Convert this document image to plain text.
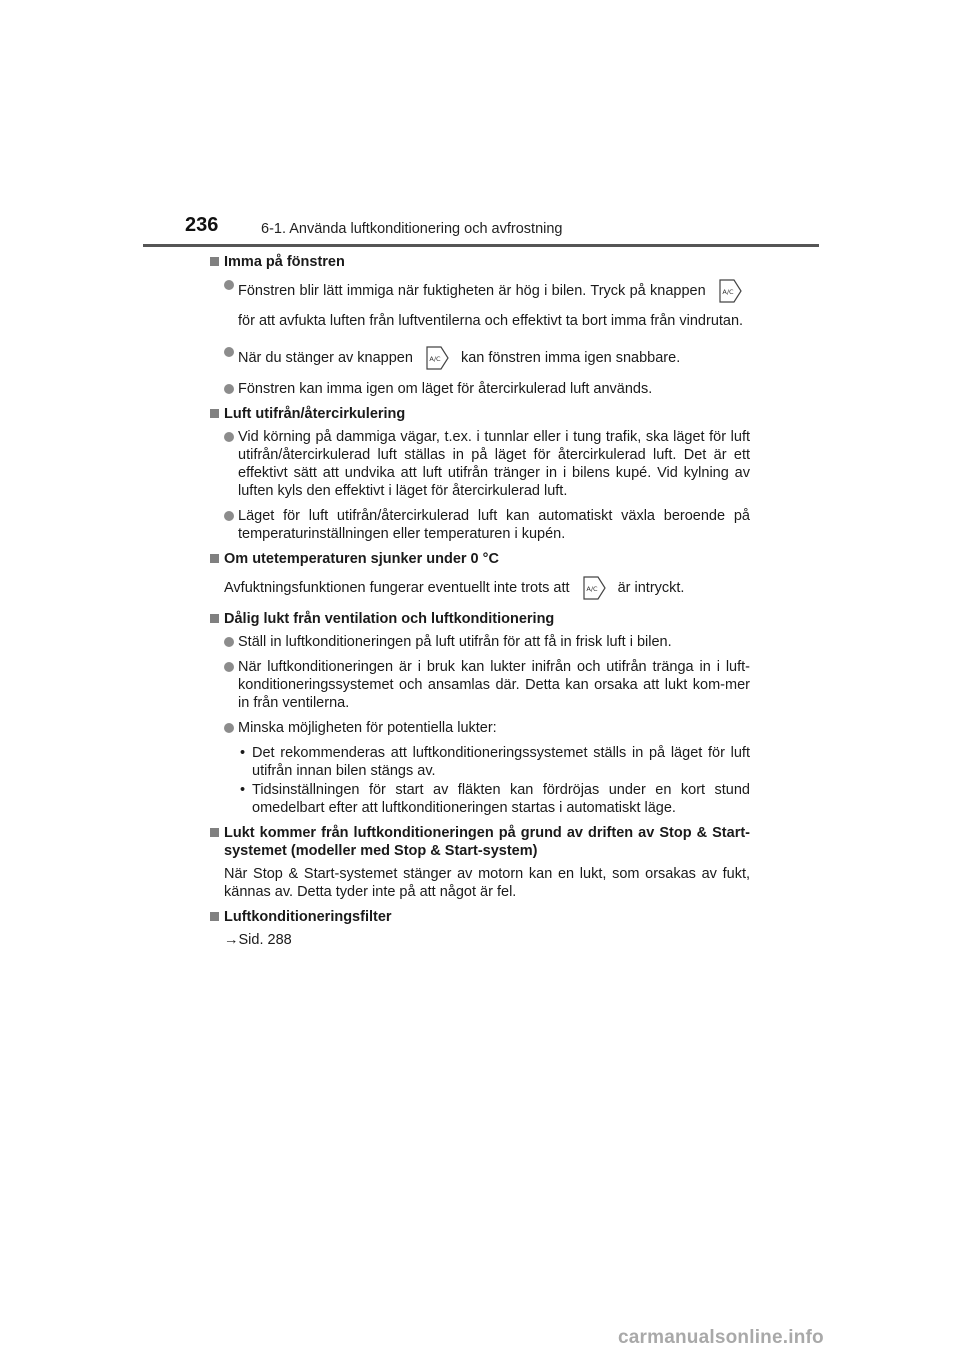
236	6-1. Använda luftkonditionering och avfrostning
Imma på fönstren
Fönstren blir lätt immiga när fuktigheten är hög i bilen. Tryck på knappen	A/C
för att avfukta luften från luftventilerna och effektivt ta bort imma från vindrutan.
När du stänger av knappen	A/C kan fönstren imma igen snabbare.
Fönstren kan imma igen om läget för återcirkulerad luft används.
Luft utifrån/återcirkulering
Vid körning på dammiga vägar, t.ex. i tunnlar eller i tung trafik, ska läget för luft utifrån/återcirkulerad luft ställas in på läget för återcirkulerad luft. Det är ett effektivt sätt att undvika att luft utifrån tränger in i bilens kupé. Vid kylning av luften kyls den effektivt i läget för återcirkulerad luft.
Läget för luft utifrån/återcirkulerad luft kan automatiskt växla beroende på temperaturinställningen eller temperaturen i kupén.
Om utetemperaturen sjunker under 0 °C
Avfuktningsfunktionen fungerar eventuellt inte trots att	A/C är intryckt.
Dålig lukt från ventilation och luftkonditionering
Ställ in luftkonditioneringen på luft utifrån för att få in frisk luft i bilen.
När luftkonditioneringen är i bruk kan lukter inifrån och utifrån tränga in i luft-konditioneringssystemet och ansamlas där. Detta kan orsaka att lukt kom-mer in från ventilerna.
Minska möjligheten för potentiella lukter:
• Det rekommenderas att luftkonditioneringssystemet ställs in på läget för luft utifrån innan bilen stängs av.
• Tidsinställningen för start av fläkten kan fördröjas under en kort stund omedelbart efter att luftkonditioneringen startas i automatiskt läge.
Lukt kommer från luftkonditioneringen på grund av driften av Stop & Start-systemet (modeller med Stop & Start-system)
När Stop & Start-systemet stänger av motorn kan en lukt, som orsakas av fukt, kännas av. Detta tyder inte på att något är fel.
Luftkonditioneringsfilter
→Sid. 288
carmanualsonline.info
